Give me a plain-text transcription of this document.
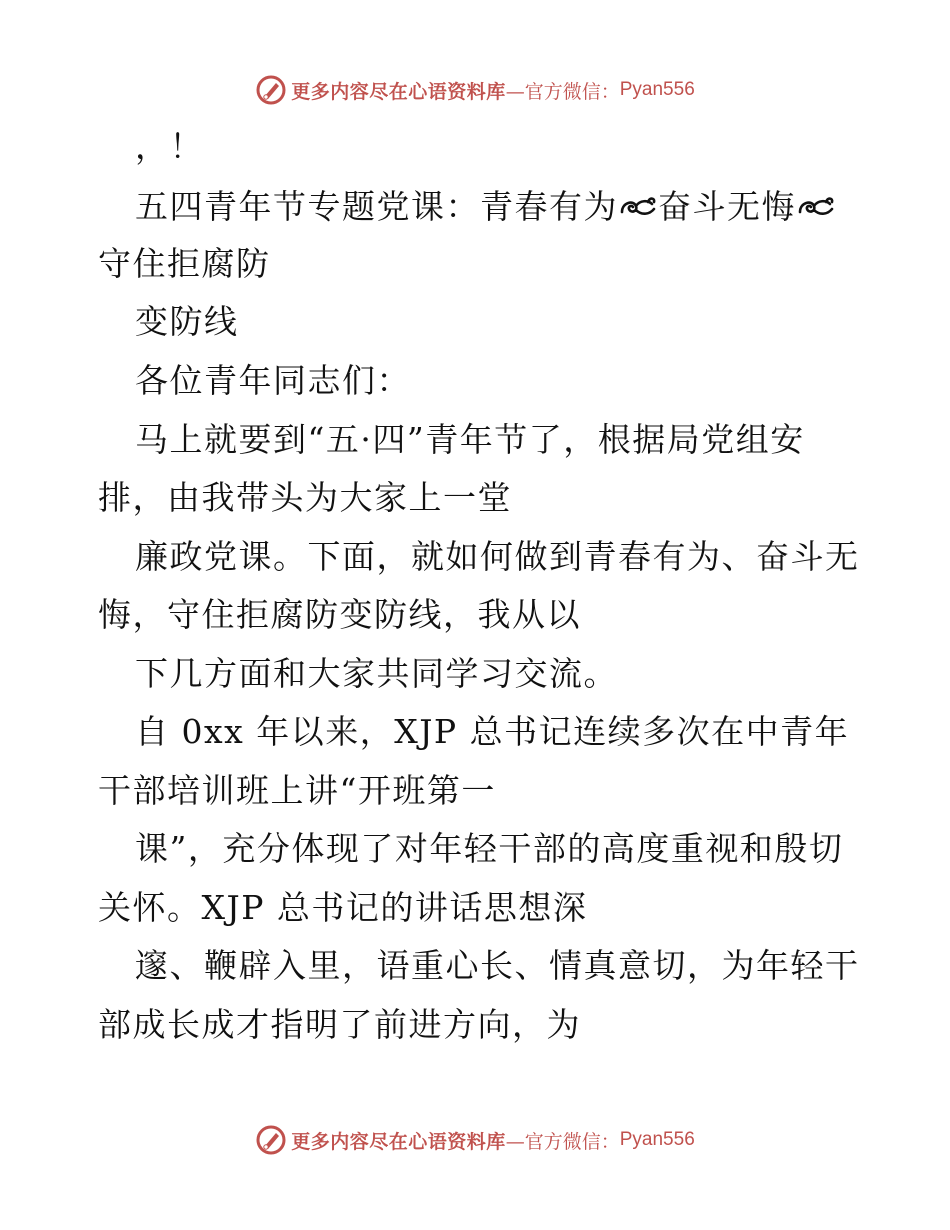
更多内容尽在心语资料库 —官方微信： Pyan556
，！
五四青年节专题党课：青春有为 奋斗无悔
守住拒腐防
变防线
各位青年同志们：
马上就要到“五·四”青年节了，根据局党组安
排，由我带头为大家上一堂
廉政党课。下面，就如何做到青春有为、奋斗无
悔，守住拒腐防变防线，我从以
下几方面和大家共同学习交流。
自 0xx 年以来，XJP 总书记连续多次在中青年
干部培训班上讲“开班第一
课”，充分体现了对年轻干部的高度重视和殷切
关怀。XJP 总书记的讲话思想深
邃、鞭辟入里，语重心长、情真意切，为年轻干
部成长成才指明了前进方向，为
更多内容尽在心语资料库 —官方微信： Pyan556
